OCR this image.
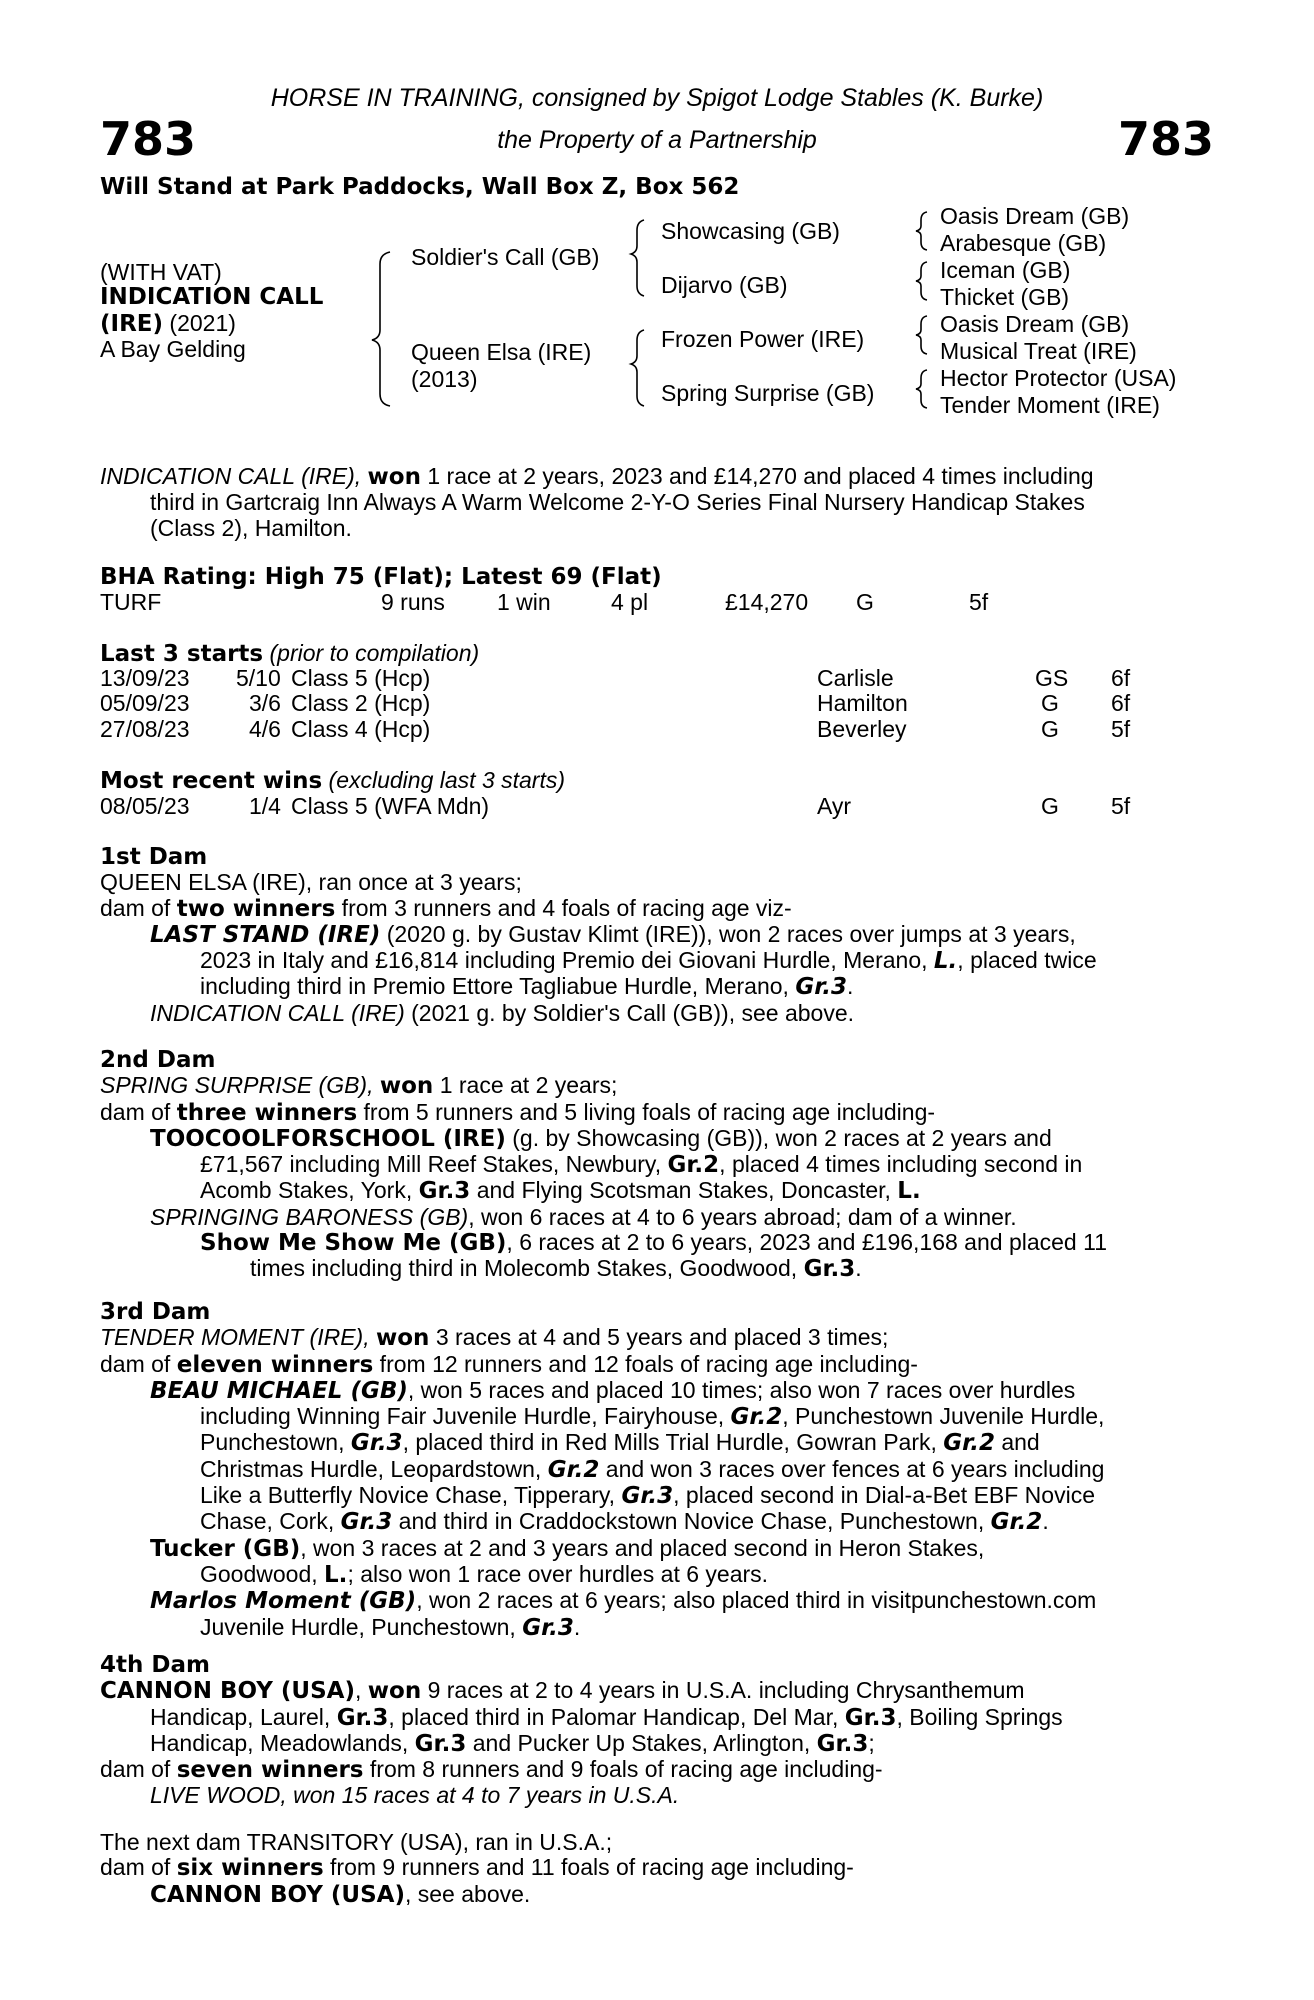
783	783
HORSE IN TRAINING, consigned by Spigot Lodge Stables (K. Burke)
the Property of a Partnership
Will Stand at Park Paddocks, Wall Box Z, Box 562
(WITH VAT)
INDICATION CALL
(IRE) (2021)
A Bay Gelding
Soldier's Call (GB)
Queen Elsa (IRE)
(2013)
Showcasing (GB)
Dijarvo (GB)
Frozen Power (IRE)
Spring Surprise (GB)
Oasis Dream (GB)
Arabesque (GB)
Iceman (GB)
Thicket (GB)
Oasis Dream (GB)
Musical Treat (IRE)
Hector Protector (USA)
Tender Moment (IRE)
INDICATION CALL (IRE), won 1 race at 2 years, 2023 and £14,270 and placed 4 times including
third in Gartcraig Inn Always A Warm Welcome 2-Y-O Series Final Nursery Handicap Stakes
(Class 2), Hamilton.
BHA Rating: High 75 (Flat); Latest 69 (Flat)
TURF	9 runs 1 win	4 pl	£14,270 G	5f
Last 3 starts (prior to compilation)
13/09/23 5/10 Class 5 (Hcp)	Carlisle	GS 6f
05/09/23	3/6 Class 2 (Hcp)	Hamilton	G 6f
27/08/23	4/6 Class 4 (Hcp)	Beverley	G 5f
Most recent wins (excluding last 3 starts)
08/05/23	1/4 Class 5 (WFA Mdn)	Ayr	G 5f
1st Dam
QUEEN ELSA (IRE), ran once at 3 years;
dam of two winners from 3 runners and 4 foals of racing age viz-
LAST STAND (IRE) (2020 g. by Gustav Klimt (IRE)), won 2 races over jumps at 3 years,
2023 in Italy and £16,814 including Premio dei Giovani Hurdle, Merano, L., placed twice
including third in Premio Ettore Tagliabue Hurdle, Merano, Gr.3.
INDICATION CALL (IRE) (2021 g. by Soldier's Call (GB)), see above.
2nd Dam
SPRING SURPRISE (GB), won 1 race at 2 years;
dam of three winners from 5 runners and 5 living foals of racing age including-
TOOCOOLFORSCHOOL (IRE) (g. by Showcasing (GB)), won 2 races at 2 years and
£71,567 including Mill Reef Stakes, Newbury, Gr.2, placed 4 times including second in
Acomb Stakes, York, Gr.3 and Flying Scotsman Stakes, Doncaster, L.
SPRINGING BARONESS (GB), won 6 races at 4 to 6 years abroad; dam of a winner.
Show Me Show Me (GB), 6 races at 2 to 6 years, 2023 and £196,168 and placed 11
times including third in Molecomb Stakes, Goodwood, Gr.3.
3rd Dam
TENDER MOMENT (IRE), won 3 races at 4 and 5 years and placed 3 times;
dam of eleven winners from 12 runners and 12 foals of racing age including-
BEAU MICHAEL (GB), won 5 races and placed 10 times; also won 7 races over hurdles
including Winning Fair Juvenile Hurdle, Fairyhouse, Gr.2, Punchestown Juvenile Hurdle,
Punchestown, Gr.3, placed third in Red Mills Trial Hurdle, Gowran Park, Gr.2 and
Christmas Hurdle, Leopardstown, Gr.2 and won 3 races over fences at 6 years including
Like a Butterfly Novice Chase, Tipperary, Gr.3, placed second in Dial-a-Bet EBF Novice
Chase, Cork, Gr.3 and third in Craddockstown Novice Chase, Punchestown, Gr.2.
Tucker (GB), won 3 races at 2 and 3 years and placed second in Heron Stakes,
Goodwood, L.; also won 1 race over hurdles at 6 years.
Marlos Moment (GB), won 2 races at 6 years; also placed third in visitpunchestown.com
Juvenile Hurdle, Punchestown, Gr.3.
4th Dam
CANNON BOY (USA), won 9 races at 2 to 4 years in U.S.A. including Chrysanthemum
Handicap, Laurel, Gr.3, placed third in Palomar Handicap, Del Mar, Gr.3, Boiling Springs
Handicap, Meadowlands, Gr.3 and Pucker Up Stakes, Arlington, Gr.3;
dam of seven winners from 8 runners and 9 foals of racing age including-
LIVE WOOD, won 15 races at 4 to 7 years in U.S.A.
The next dam TRANSITORY (USA), ran in U.S.A.;
dam of six winners from 9 runners and 11 foals of racing age including-
CANNON BOY (USA), see above.
